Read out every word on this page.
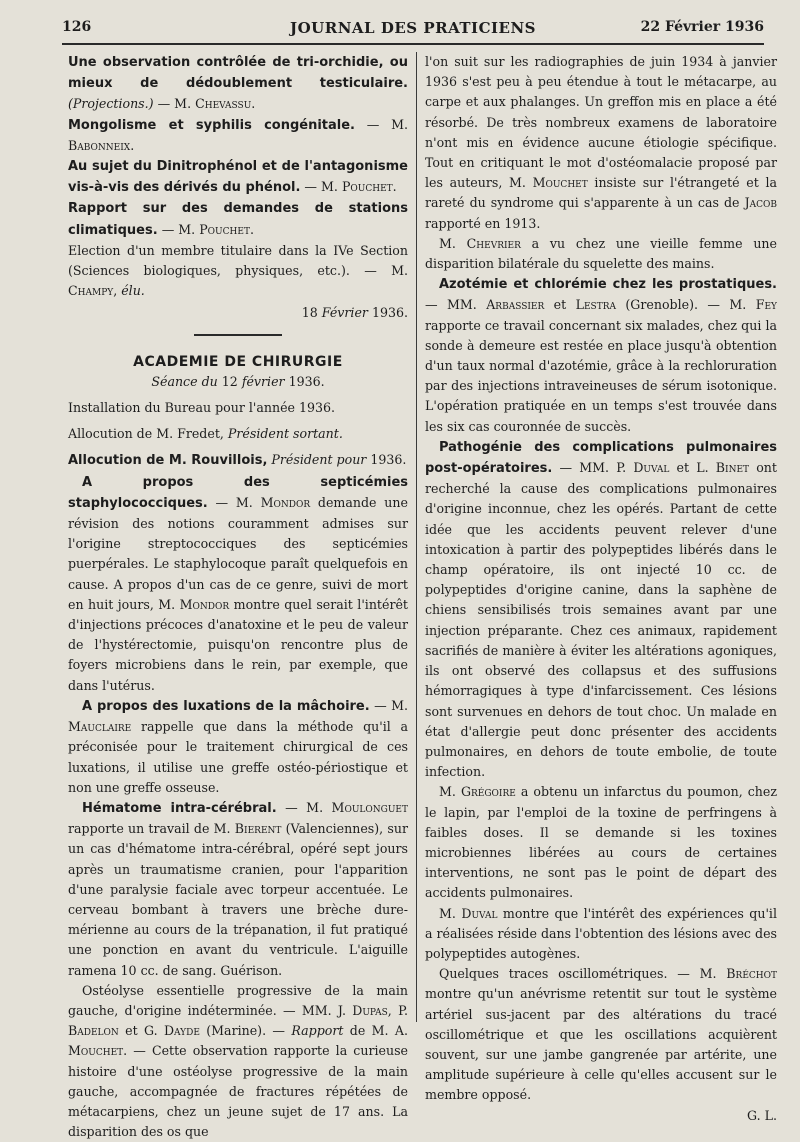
126	JOURNAL DES PRATICIENS	22 Février 1936

Une observation contrôlée de tri-orchidie, ou mieux de dédoublement testiculaire. (Projections.) — M. Chevassu.

Mongolisme et syphilis congénitale. — M. Babonneix.

Au sujet du Dinitrophénol et de l'antagonisme vis-à-vis des dérivés du phénol. — M. Pouchet.

Rapport sur des demandes de stations climatiques. — M. Pouchet.

Election d'un membre titulaire dans la IVe Section (Sciences biologiques, physiques, etc.). — M. Champy, élu.

18 Février 1936.

ACADEMIE DE CHIRURGIE

Séance du 12 février 1936.

Installation du Bureau pour l'année 1936.

Allocution de M. Fredet, Président sortant.

Allocution de M. Rouvillois, Président pour 1936.

A propos des septicémies staphylococciques. — M. Mondor demande une révision des notions couramment admises sur l'origine streptococciques des septicémies puerpérales. Le staphylocoque paraît quelquefois en cause. A propos d'un cas de ce genre, suivi de mort en huit jours, M. Mondor montre quel serait l'intérêt d'injections précoces d'anatoxine et le peu de valeur de l'hystérectomie, puisqu'on rencontre plus de foyers microbiens dans le rein, par exemple, que dans l'utérus.

A propos des luxations de la mâchoire. — M. Mauclaire rappelle que dans la méthode qu'il a préconisée pour le traitement chirurgical de ces luxations, il utilise une greffe ostéo-périostique et non une greffe osseuse.

Hématome intra-cérébral. — M. Moulonguet rapporte un travail de M. Bierent (Valenciennes), sur un cas d'hématome intra-cérébral, opéré sept jours après un traumatisme cranien, pour l'apparition d'une paralysie faciale avec torpeur accentuée. Le cerveau bombant à travers une brèche dure-mérienne au cours de la trépanation, il fut pratiqué une ponction en avant du ventricule. L'aiguille ramena 10 cc. de sang. Guérison.

Ostéolyse essentielle progressive de la main gauche, d'origine indéterminée. — MM. J. Dupas, P. Badelon et G. Dayde (Marine). — Rapport de M. A. Mouchet. — Cette observation rapporte la curieuse histoire d'une ostéolyse progressive de la main gauche, accompagnée de fractures répétées de métacarpiens, chez un jeune sujet de 17 ans. La disparition des os que

l'on suit sur les radiographies de juin 1934 à janvier 1936 s'est peu à peu étendue à tout le métacarpe, au carpe et aux phalanges. Un greffon mis en place a été résorbé. De très nombreux examens de laboratoire n'ont mis en évidence aucune étiologie spécifique. Tout en critiquant le mot d'ostéomalacie proposé par les auteurs, M. Mouchet insiste sur l'étrangeté et la rareté du syndrome qui s'apparente à un cas de Jacob rapporté en 1913.

M. Chevrier a vu chez une vieille femme une disparition bilatérale du squelette des mains.

Azotémie et chlorémie chez les prostatiques. — MM. Arbassier et Lestra (Grenoble). — M. Fey rapporte ce travail concernant six malades, chez qui la sonde à demeure est restée en place jusqu'à obtention d'un taux normal d'azotémie, grâce à la rechloruration par des injections intraveineuses de sérum isotonique. L'opération pratiquée en un temps s'est trouvée dans les six cas couronnée de succès.

Pathogénie des complications pulmonaires post-opératoires. — MM. P. Duval et L. Binet ont recherché la cause des complications pulmonaires d'origine inconnue, chez les opérés. Partant de cette idée que les accidents peuvent relever d'une intoxication à partir des polypeptides libérés dans le champ opératoire, ils ont injecté 10 cc. de polypeptides d'origine canine, dans la saphène de chiens sensibilisés trois semaines avant par une injection préparante. Chez ces animaux, rapidement sacrifiés de manière à éviter les altérations agoniques, ils ont observé des collapsus et des suffusions hémorragiques à type d'infarcissement. Ces lésions sont survenues en dehors de tout choc. Un malade en état d'allergie peut donc présenter des accidents pulmonaires, en dehors de toute embolie, de toute infection.

M. Grégoire a obtenu un infarctus du poumon, chez le lapin, par l'emploi de la toxine de perfringens à faibles doses. Il se demande si les toxines microbiennes libérées au cours de certaines interventions, ne sont pas le point de départ des accidents pulmonaires.

M. Duval montre que l'intérêt des expériences qu'il a réalisées réside dans l'obtention des lésions avec des polypeptides autogènes.

Quelques traces oscillométriques. — M. Bréchot montre qu'un anévrisme retentit sur tout le système artériel sus-jacent par des altérations du tracé oscillométrique et que les oscillations acquièrent souvent, sur une jambe gangrenée par artérite, une amplitude supérieure à celle qu'elles accusent sur le membre opposé.

G. L.
